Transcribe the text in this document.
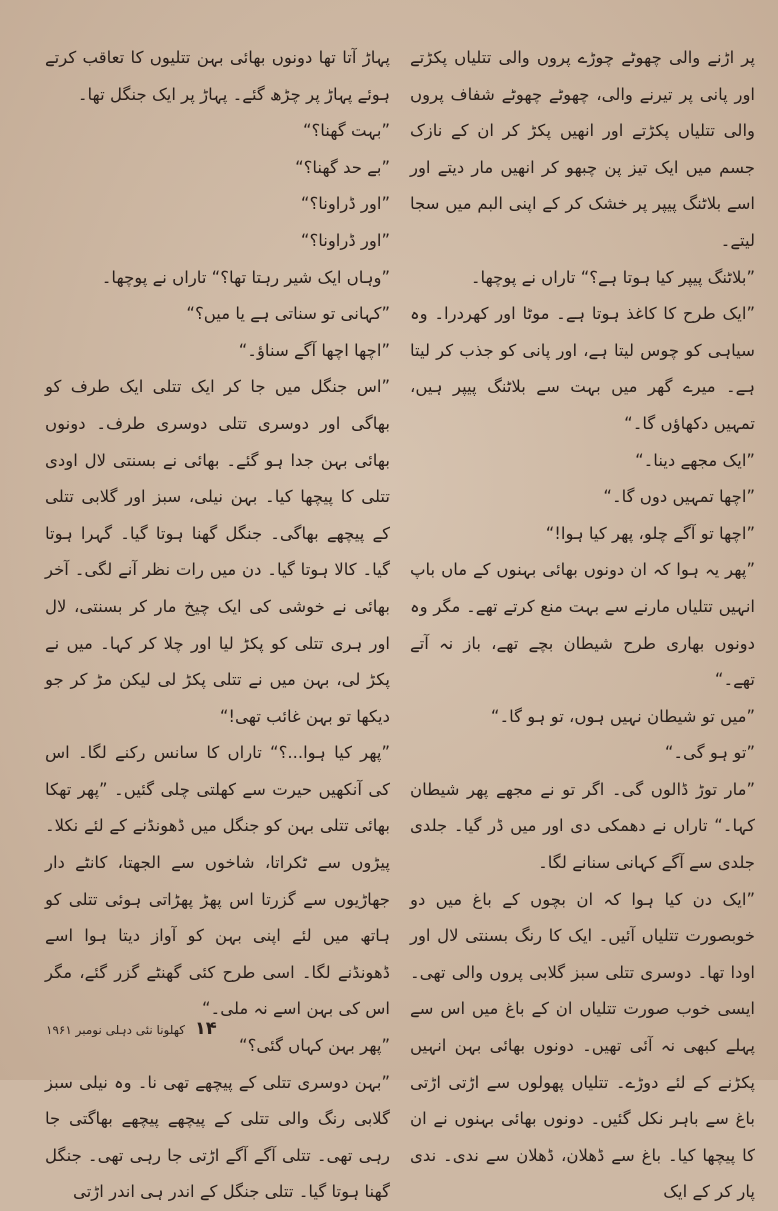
پر اڑنے والی چھوٹے چوڑے پروں والی تتلیاں پکڑتے اور پانی پر تیرنے والی، چھوٹے چھوٹے شفاف پروں والی تتلیاں پکڑتے اور انھیں پکڑ کر ان کے نازک جسم میں ایک تیز پن چبھو کر انھیں مار دیتے اور اسے بلاٹنگ پیپر پر خشک کر کے اپنی البم میں سجا لیتے۔

”بلاٹنگ پیپر کیا ہوتا ہے؟“ تاراں نے پوچھا۔

”ایک طرح کا کاغذ ہوتا ہے۔ موٹا اور کھردرا۔ وہ سیاہی کو چوس لیتا ہے، اور پانی کو جذب کر لیتا ہے۔ میرے گھر میں بہت سے بلاٹنگ پیپر ہیں، تمہیں دکھاؤں گا۔“

”ایک مجھے دینا۔“

”اچھا تمہیں دوں گا۔“

”اچھا تو آگے چلو، پھر کیا ہوا!“

”پھر یہ ہوا کہ ان دونوں بھائی بہنوں کے ماں باپ انہیں تتلیاں مارنے سے بہت منع کرتے تھے۔ مگر وہ دونوں بھاری طرح شیطان بچے تھے، باز نہ آتے تھے۔“

”میں تو شیطان نہیں ہوں، تو ہو گا۔“

”تو ہو گی۔“

”مار توڑ ڈالوں گی۔ اگر تو نے مجھے پھر شیطان کہا۔“ تاراں نے دھمکی دی اور میں ڈر گیا۔ جلدی جلدی سے آگے کہانی سنانے لگا۔

”ایک دن کیا ہوا کہ ان بچوں کے باغ میں دو خوبصورت تتلیاں آئیں۔ ایک کا رنگ بسنتی لال اور اودا تھا۔ دوسری تتلی سبز گلابی پروں والی تھی۔ ایسی خوب صورت تتلیاں ان کے باغ میں اس سے پہلے کبھی نہ آئی تھیں۔ دونوں بھائی بہن انہیں پکڑنے کے لئے دوڑے۔ تتلیاں پھولوں سے اڑتی اڑتی باغ سے باہر نکل گئیں۔ دونوں بھائی بہنوں نے ان کا پیچھا کیا۔ باغ سے ڈھلان، ڈھلان سے ندی۔ ندی پار کر کے ایک

پہاڑ آتا تھا دونوں بھائی بہن تتلیوں کا تعاقب کرتے ہوئے پہاڑ پر چڑھ گئے۔ پہاڑ پر ایک جنگل تھا۔

”بہت گھنا؟“

”بے حد گھنا؟“

”اور ڈراونا؟“

”اور ڈراونا؟“

”وہاں ایک شیر رہتا تھا؟“ تاراں نے پوچھا۔

”کہانی تو سناتی ہے یا میں؟“

”اچھا اچھا آگے سناؤ۔“

”اس جنگل میں جا کر ایک تتلی ایک طرف کو بھاگی اور دوسری تتلی دوسری طرف۔ دونوں بھائی بہن جدا ہو گئے۔ بھائی نے بسنتی لال اودی تتلی کا پیچھا کیا۔ بہن نیلی، سبز اور گلابی تتلی کے پیچھے بھاگی۔ جنگل گھنا ہوتا گیا۔ گہرا ہوتا گیا۔ کالا ہوتا گیا۔ دن میں رات نظر آنے لگی۔ آخر بھائی نے خوشی کی ایک چیخ مار کر بسنتی، لال اور ہری تتلی کو پکڑ لیا اور چلا کر کہا۔ میں نے پکڑ لی، بہن میں نے تتلی پکڑ لی لیکن مڑ کر جو دیکھا تو بہن غائب تھی!“

”پھر کیا ہوا...؟“ تاراں کا سانس رکنے لگا۔ اس کی آنکھیں حیرت سے کھلتی چلی گئیں۔ ”پھر تھکا بھائی تتلی بہن کو جنگل میں ڈھونڈنے کے لئے نکلا۔ پیڑوں سے ٹکراتا، شاخوں سے الجھتا، کانٹے دار جھاڑیوں سے گزرتا اس پھڑ پھڑاتی ہوئی تتلی کو ہاتھ میں لئے اپنی بہن کو آواز دیتا ہوا اسے ڈھونڈنے لگا۔ اسی طرح کئی گھنٹے گزر گئے، مگر اس کی بہن اسے نہ ملی۔“

”پھر بہن کہاں گئی؟“

”بہن دوسری تتلی کے پیچھے تھی نا۔ وہ نیلی سبز گلابی رنگ والی تتلی کے پیچھے پیچھے بھاگتی جا رہی تھی۔ تتلی آگے آگے اڑتی جا رہی تھی۔ جنگل گھنا ہوتا گیا۔ تتلی جنگل کے اندر ہی اندر اڑتی

۱۴ کھلونا نئی دہلی نومبر ۱۹۶۱
